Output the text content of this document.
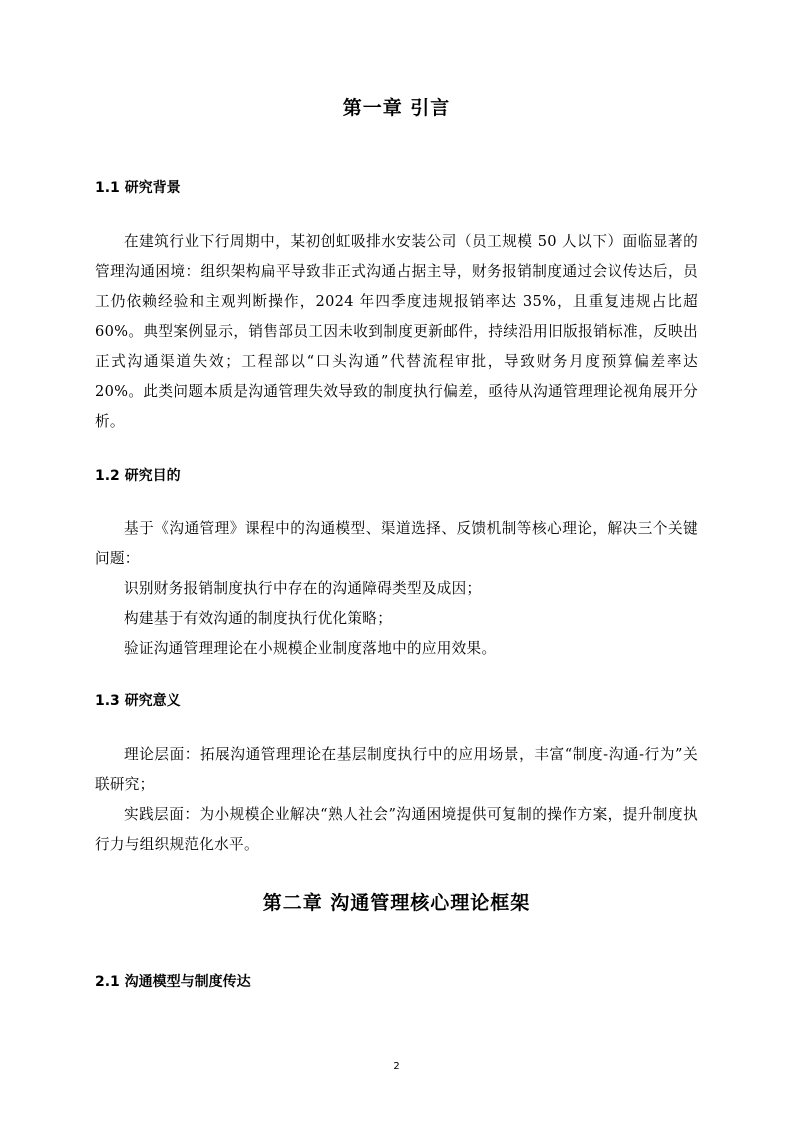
第一章 引言
1.1 研究背景

在建筑行业下行周期中，某初创虹吸排水安装公司（员工规模 50 人以下）面临显著的管理沟通困境：组织架构扁平导致非正式沟通占据主导，财务报销制度通过会议传达后，员工仍依赖经验和主观判断操作，2024 年四季度违规报销率达 35%，且重复违规占比超 60%。典型案例显示，销售部员工因未收到制度更新邮件，持续沿用旧版报销标准，反映出正式沟通渠道失效；工程部以“口头沟通”代替流程审批，导致财务月度预算偏差率达 20%。此类问题本质是沟通管理失效导致的制度执行偏差，亟待从沟通管理理论视角展开分析。

1.2 研究目的

基于《沟通管理》课程中的沟通模型、渠道选择、反馈机制等核心理论，解决三个关键问题：

识别财务报销制度执行中存在的沟通障碍类型及成因；
构建基于有效沟通的制度执行优化策略；
验证沟通管理理论在小规模企业制度落地中的应用效果。
1.3 研究意义

理论层面：拓展沟通管理理论在基层制度执行中的应用场景，丰富“制度-沟通-行为”关联研究；

实践层面：为小规模企业解决“熟人社会”沟通困境提供可复制的操作方案，提升制度执行力与组织规范化水平。

第二章 沟通管理核心理论框架
2.1 沟通模型与制度传达
2
